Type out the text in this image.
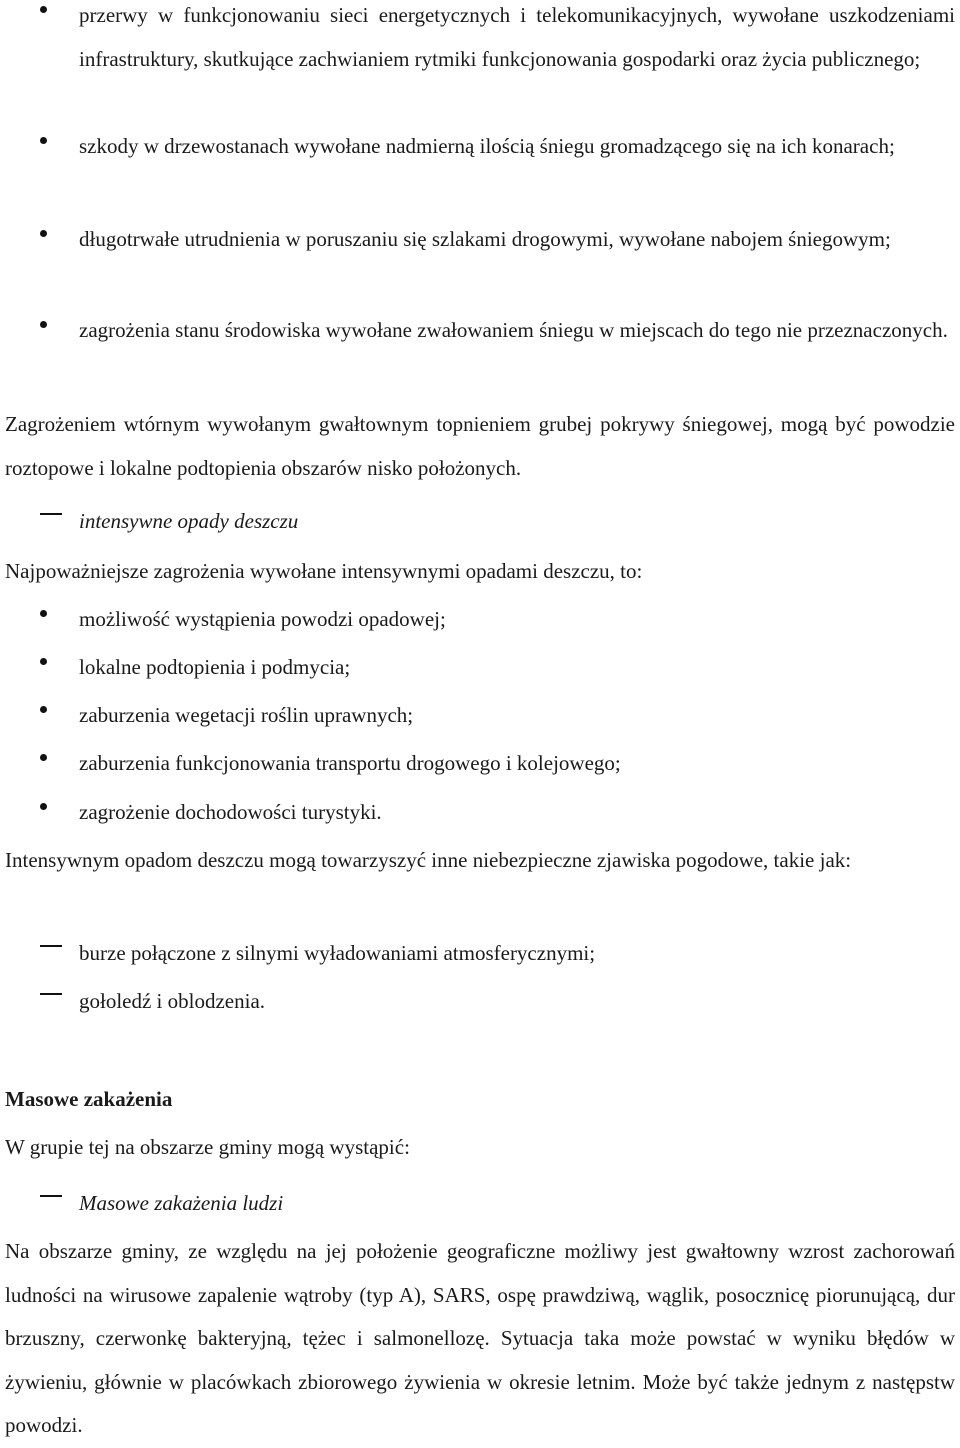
przerwy w funkcjonowaniu sieci energetycznych i telekomunikacyjnych, wywołane uszkodzeniami infrastruktury, skutkujące zachwianiem rytmiki funkcjonowania gospodarki oraz życia publicznego;
szkody w drzewostanach wywołane nadmierną ilością śniegu gromadzącego się na ich konarach;
długotrwałe utrudnienia w poruszaniu się szlakami drogowymi, wywołane nabojem śniegowym;
zagrożenia stanu środowiska wywołane zwałowaniem śniegu w miejscach do tego nie przeznaczonych.
Zagrożeniem wtórnym wywołanym gwałtownym topnieniem grubej pokrywy śniegowej, mogą być powodzie roztopowe i lokalne podtopienia obszarów nisko położonych.
intensywne opady deszczu
Najpoważniejsze zagrożenia wywołane intensywnymi opadami deszczu, to:
możliwość wystąpienia powodzi opadowej;
lokalne podtopienia i podmycia;
zaburzenia wegetacji roślin uprawnych;
zaburzenia funkcjonowania transportu drogowego i kolejowego;
zagrożenie dochodowości turystyki.
Intensywnym opadom deszczu mogą towarzyszyć inne niebezpieczne zjawiska pogodowe, takie jak:
burze połączone z silnymi wyładowaniami atmosferycznymi;
gołoledź i oblodzenia.
Masowe zakażenia
W grupie tej na obszarze gminy mogą wystąpić:
Masowe zakażenia ludzi
Na obszarze gminy, ze względu na jej położenie geograficzne możliwy jest gwałtowny wzrost zachorowań ludności na wirusowe zapalenie wątroby (typ A), SARS, ospę prawdziwą, wąglik, posocznicę piorunującą, dur brzuszny, czerwonkę bakteryjną, tężec i salmonellozę. Sytuacja taka może powstać w wyniku błędów w żywieniu, głównie w placówkach zbiorowego żywienia w okresie letnim. Może być także jednym z następstw powodzi.
